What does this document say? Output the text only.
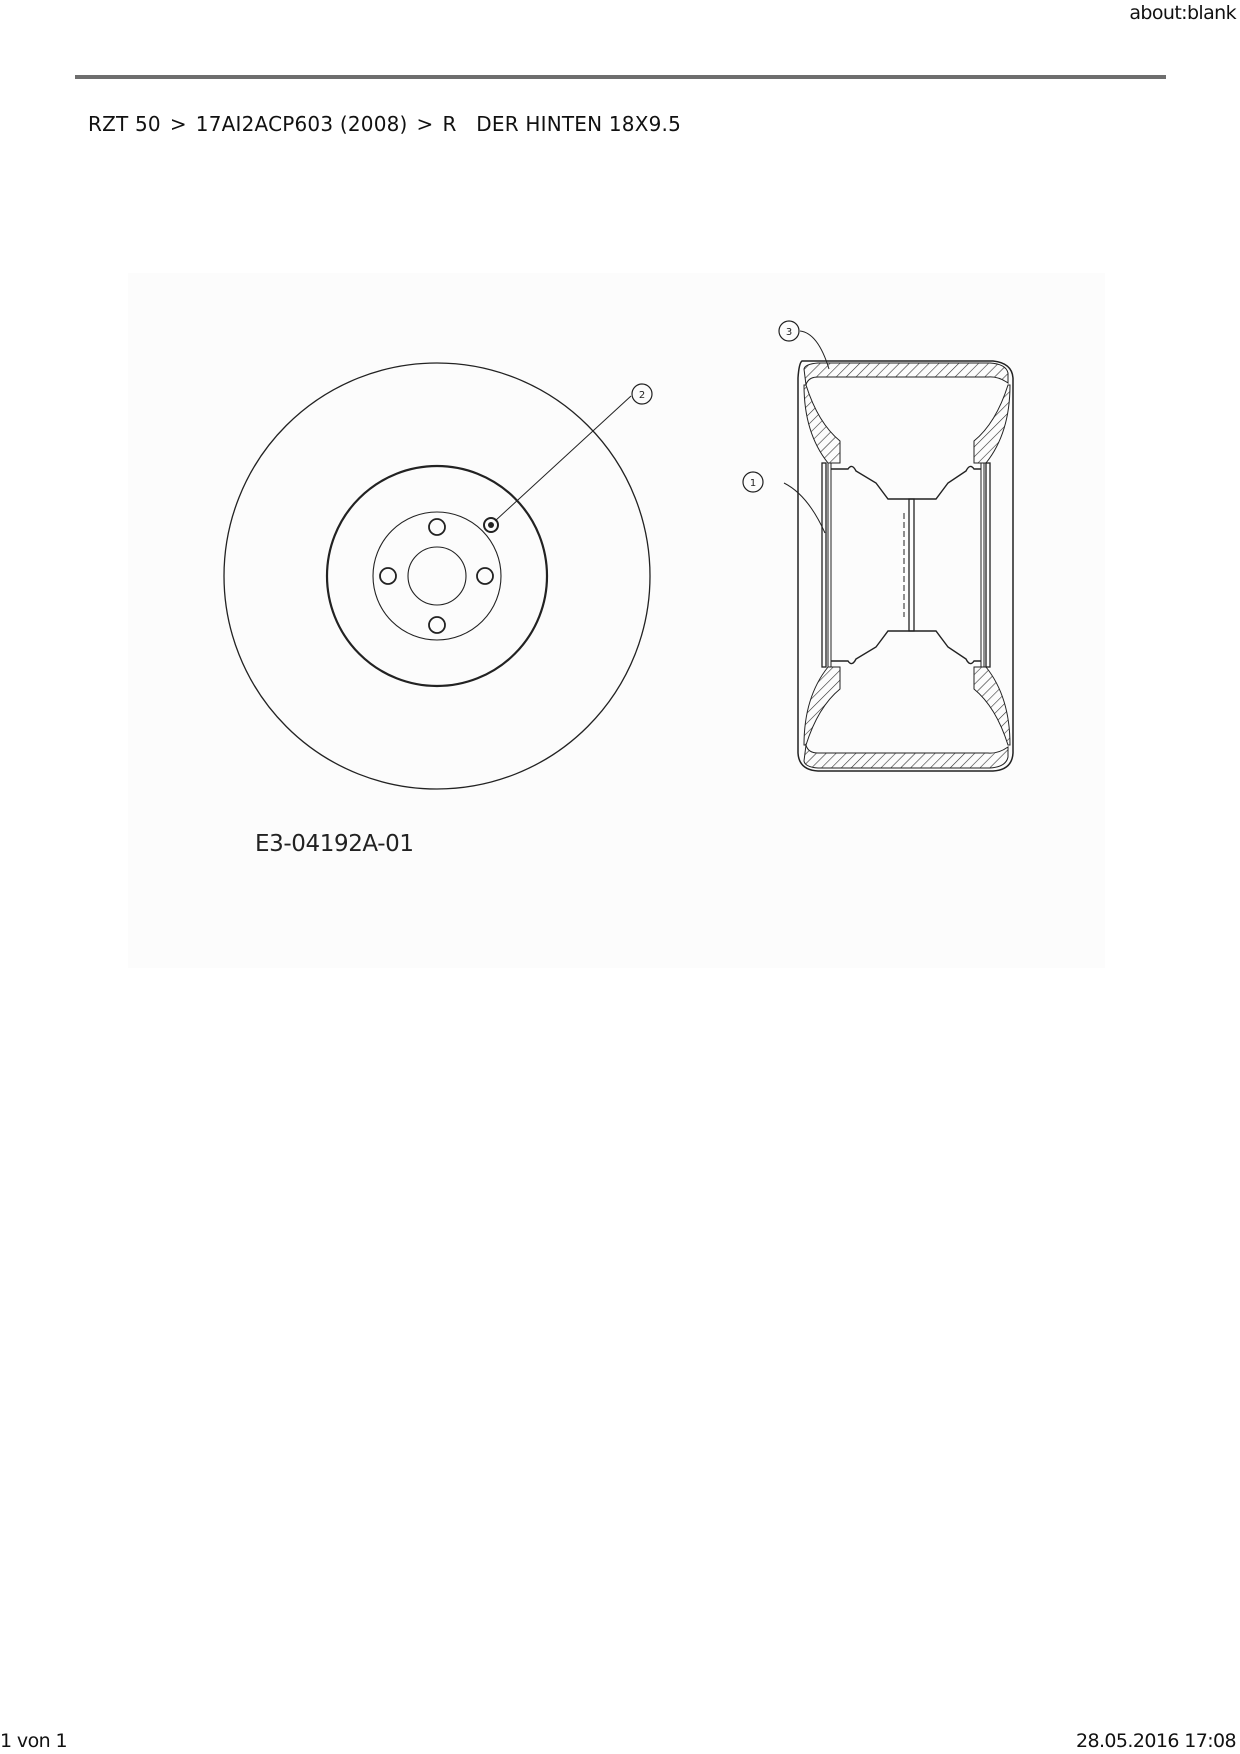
about:blank
RZT 50 > 17AI2ACP603 (2008) > R   DER HINTEN 18X9.5
2
3
1
E3-04192A-01
1 von 1	28.05.2016 17:08
